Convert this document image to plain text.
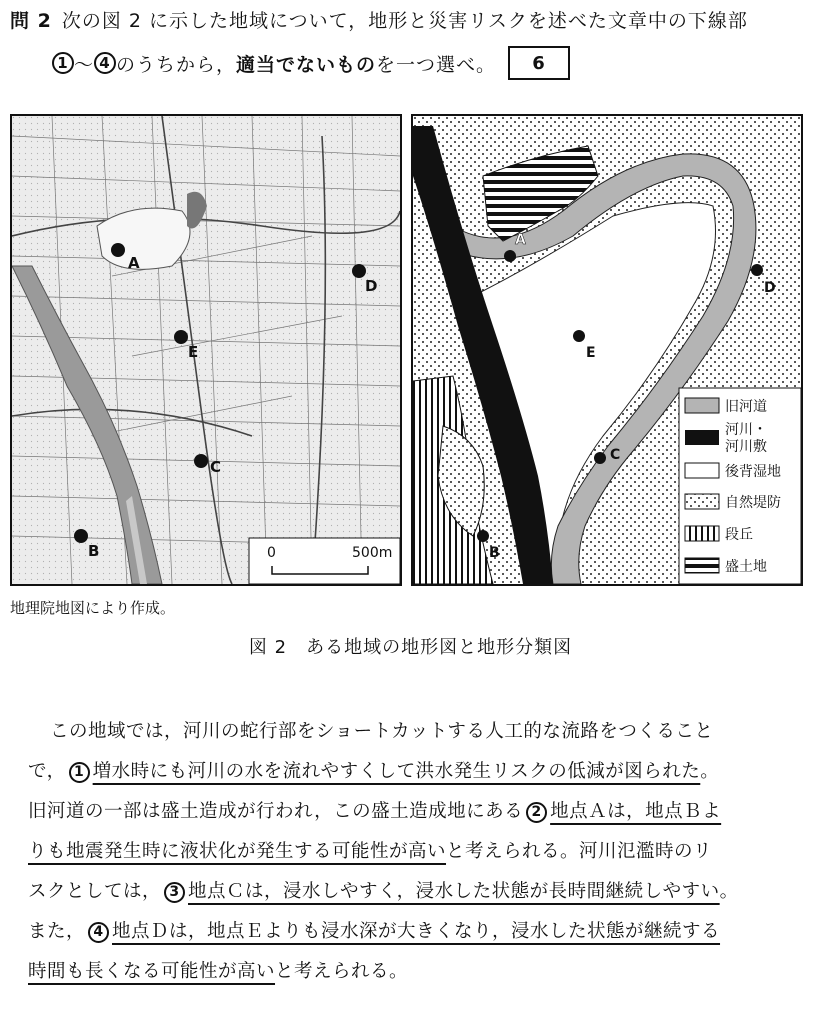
問 2 次の図 2 に示した地域について，地形と災害リスクを述べた文章中の下線部
1 〜 4 のうちから， 適当でないもの を一つ選べ。	6
A
B
C
D
E
0	500m
A
B
C
D
E
旧河道
河川・
河川敷
後背湿地
自然堤防
段丘
盛土地
地理院地図により作成。
図 2　ある地域の地形図と地形分類図
この地域では，河川の蛇行部をショートカットする人工的な流路をつくること
で， 1 増水時にも河川の水を流れやすくして洪水発生リスクの低減が図られた。
旧河道の一部は盛土造成が行われ，この盛土造成地にある 2 地点Ａは，地点Ｂよ
りも地震発生時に液状化が発生する可能性が高いと考えられる。河川氾濫時のリ
スクとしては， 3 地点Ｃは，浸水しやすく，浸水した状態が長時間継続しやすい。
また， 4 地点Ｄは，地点Ｅよりも浸水深が大きくなり，浸水した状態が継続する
時間も長くなる可能性が高いと考えられる。
